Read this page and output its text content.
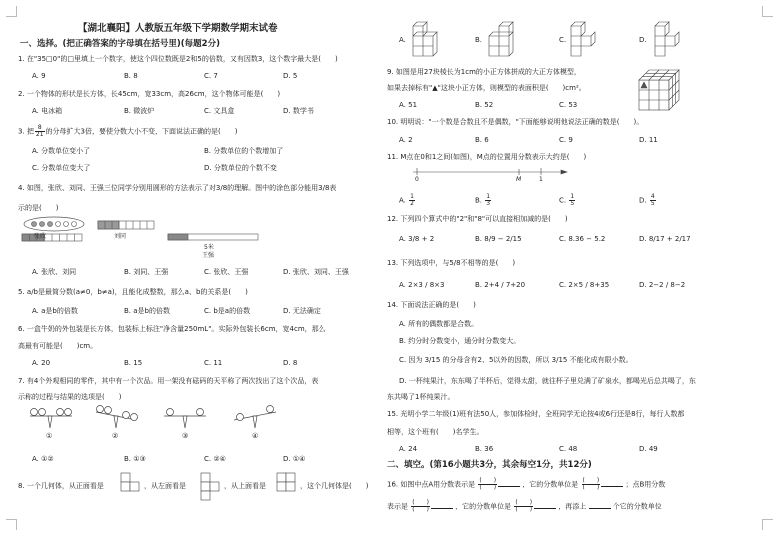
【湖北襄阳】人教版五年级下学期数学期末试卷
一、选择。(把正确答案的字母填在括号里)(每题2分)
1. 在"35□0"的□里填上一个数字，使这个四位数既是2和5的倍数，又有因数3，这个数字最大是(　　)
A. 9	B. 8	C. 7	D. 5
2. 一个物体的形状是长方体，长45cm，宽33cm，高26cm，这个物体可能是(　　)
A. 电冰箱	B. 微波炉	C. 文具盒	D. 数学书
3. 把 $\frac{8}{21}$ 的分母扩大3倍，要使分数大小不变，下面说法正确的是(　　)
A. 分数单位变小了	B. 分数单位的个数增加了
C. 分数单位变大了	D. 分数单位的个数不变
4. 如图，张欣、刘同、王强三位同学分别用圆形的方法表示了对3/8的理解。图中的涂色部分能用3/8表
示的是(　　)
张欣	刘同
5米
王强
A. 张欣、刘同	B. 刘同、王强	C. 张欣、王强	D. 张欣、刘同、王强
5. a/b是最简分数(a≠0，b≠a)，且能化成整数，那么a、b的关系是(　　)
A. a是b的倍数	B. a是b的倍数	C. b是a的倍数	D. 无法确定
6. 一盒牛奶的外包装是长方体，包装标上标注"净含量250mL"。实际外包装长6cm，宽4cm，那么
高最有可能是(　　)cm。
A. 20	B. 15	C. 11	D. 8
7. 有4个外观相同的零件，其中有一个次品。用一架没有砝码的天平称了两次找出了这个次品，表
示称的过程与结果的选项是(　　)
①	②	③	④
A. ①②	B. ①③	C. ②④	D. ①④
8. 一个几何体，从正面看是	，从左面看是	，从上面看是	，这个几何体是(　　)
A.	B.	C.	D.
9. 如图是用27块棱长为1cm的小正方体拼成的大正方体模型，
如果去掉标有"▲"这块小正方体，则模型的表面积是(　　)cm²。
A. 51	B. 52	C. 53
10. 明明说："一个数是合数且不是偶数，"下面能够说明他说法正确的数是(　　)。
A. 2	B. 6	C. 9	D. 11
11. M点在0和1之间(如图)，M点的位置用分数表示大约是(　　)
0	M	1
A. $\frac{1}{2}$	B. $\frac{1}{3}$	C. $\frac{1}{5}$	D. $\frac{4}{5}$
12. 下列四个算式中的"2"和"8"可以直接相加减的是(　　)
A. 3/8 + 2	B. 8/9 − 2/15	C. 8.36 − 5.2	D. 8/17 + 2/17
13. 下列选项中，与5/8不相等的是(　　)
A. 2×3 / 8×3	B. 2+4 / 7+20	C. 2×5 / 8+35	D. 2−2 / 8−2
14. 下面说法正确的是(　　)
A. 所有的偶数都是合数。
B. 约分时分数变小，通分时分数变大。
C. 因为 3/15 的分母含有2、5以外的因数，所以 3/15 不能化成有限小数。
D. 一杯纯果汁，东东喝了半杯后，觉得太甜，就往杯子里兑满了矿泉水，都喝光后总共喝了，东
东共喝了1杯纯果汁。
15. 光明小学二年级(1)班有法50人，参加体检时，全班同学无论按4或6行还是8行，每行人数都
相等，这个班有(　　)名学生。
A. 24	B. 36	C. 48	D. 49
二、填空。(第16小题共3分，其余每空1分，共12分)
16. 如图中点A用分数表示是 $\frac{( )}{( )}$	，它的分数单位是 $\frac{( )}{( )}$	；点B用分数
表示是 $\frac{( )}{( )}$	，它的分数单位是 $\frac{( )}{( )}$	，再添上	个它的分数单位
